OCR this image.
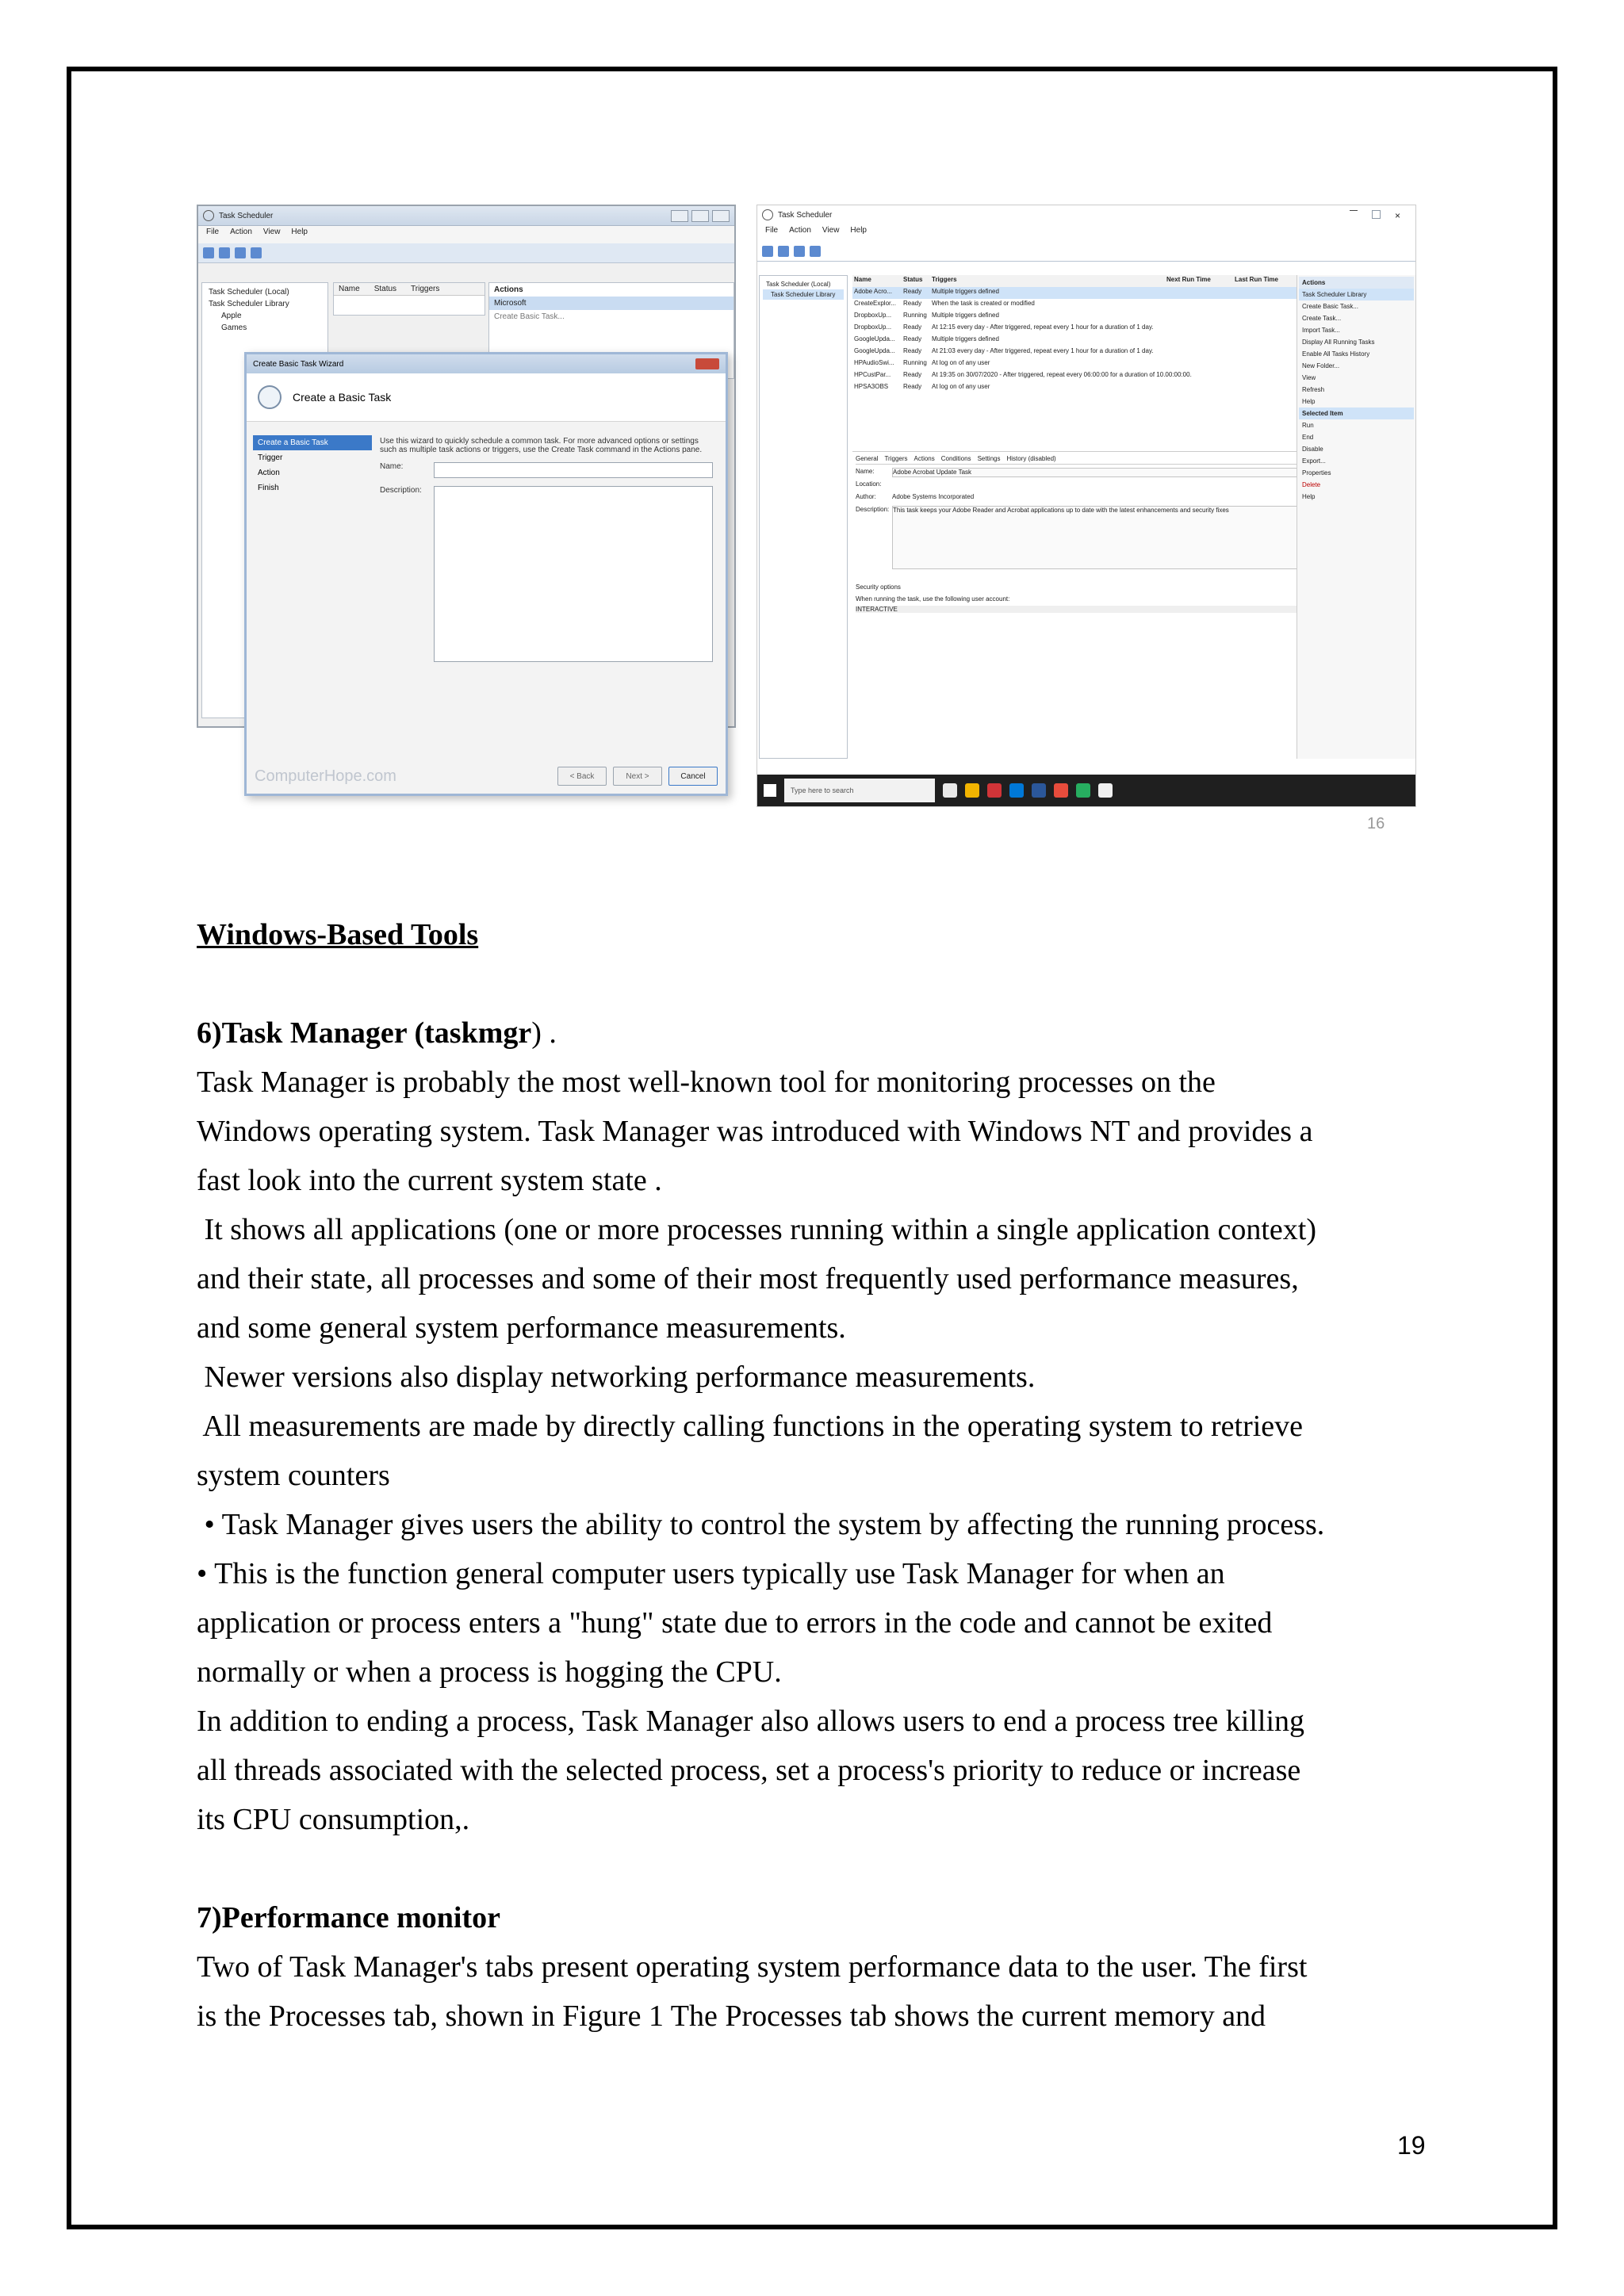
Task Scheduler
File Action View Help
Task Scheduler (Local)
Task Scheduler Library
Apple
Games
Name Status Triggers	Actions
Microsoft
Create Basic Task...
Create Basic Task Wizard
Create a Basic Task
Create a Basic Task
Trigger
Action
Finish
Use this wizard to quickly schedule a common task. For more advanced options or settings such as multiple task actions or triggers, use the Create Task command in the Actions pane.
Name:
Description:
ComputerHope.com	< Back	Next >	Cancel
Task Scheduler	×
File Action View Help
Task Scheduler (Local)
Task Scheduler Library
Name	Status	Triggers	Next Run Time	Last Run Time
Adobe Acro...	Ready	Multiple triggers defined
CreateExplor...	Ready	When the task is created or modified
DropboxUp...	Running Multiple triggers defined
DropboxUp...	Ready	At 12:15 every day - After triggered, repeat every 1 hour for a duration of 1 day.
GoogleUpda...	Ready	Multiple triggers defined
GoogleUpda...	Ready	At 21:03 every day - After triggered, repeat every 1 hour for a duration of 1 day.
HPAudioSwi...	Running At log on of any user
HPCustPar...	Ready	At 19:35 on 30/07/2020 - After triggered, repeat every 06:00:00 for a duration of 10.00:00:00.
HPSA3OBS	Ready	At log on of any user
General Triggers Actions Conditions Settings History (disabled)
Name:	Adobe Acrobat Update Task
Location:
Author:	Adobe Systems Incorporated
Description: This task keeps your Adobe Reader and Acrobat applications up to date with the latest enhancements and security fixes
Security options
When running the task, use the following user account:
INTERACTIVE
Actions
Task Scheduler Library
Create Basic Task...
Create Task...
Import Task...
Display All Running Tasks
Enable All Tasks History
New Folder...
View
Refresh
Help
Selected Item
Run
End
Disable
Export...
Properties
Delete
Help
Type here to search
16

Windows-Based Tools

6)Task Manager (taskmgr) .

Task Manager is probably the most well-known tool for monitoring processes on the

Windows operating system. Task Manager was introduced with Windows NT and provides a

fast look into the current system state .

It shows all applications (one or more processes running within a single application context)

and their state, all processes and some of their most frequently used performance measures,

and some general system performance measurements.

Newer versions also display networking performance measurements.

All measurements are made by directly calling functions in the operating system to retrieve

system counters

• Task Manager gives users the ability to control the system by affecting the running process.

• This is the function general computer users typically use Task Manager for when an

application or process enters a "hung" state due to errors in the code and cannot be exited

normally or when a process is hogging the CPU.

In addition to ending a process, Task Manager also allows users to end a process tree killing

all threads associated with the selected process, set a process's priority to reduce or increase

its CPU consumption,.

7)Performance monitor

Two of Task Manager's tabs present operating system performance data to the user. The first

is the Processes tab, shown in Figure 1 The Processes tab shows the current memory and

19
